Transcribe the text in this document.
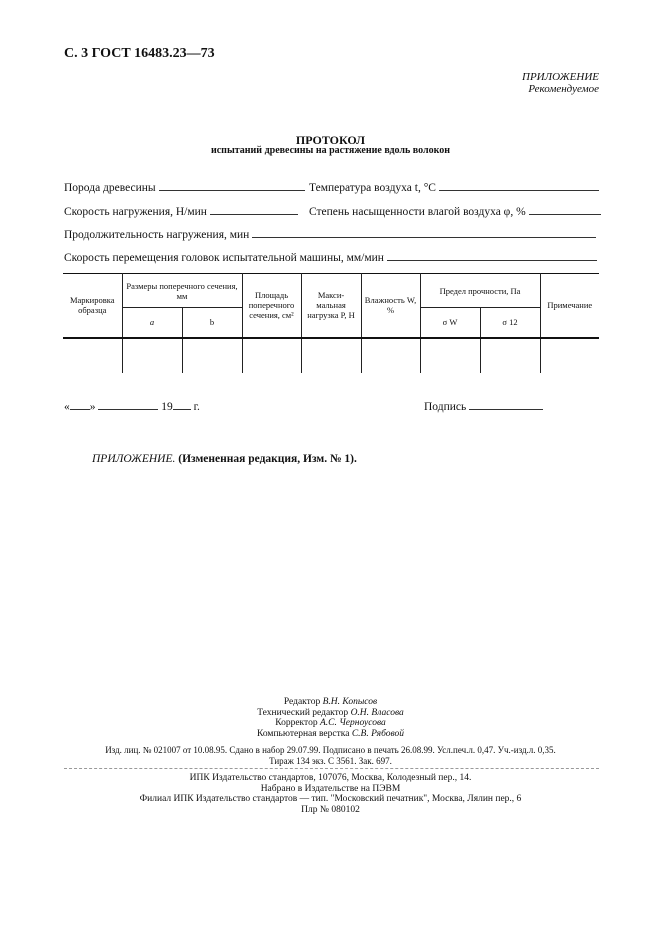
С. 3 ГОСТ 16483.23—73
ПРИЛОЖЕНИЕ
Рекомендуемое
ПРОТОКОЛ
испытаний древесины на растяжение вдоль волокон
Порода древесины	Температура воздуха t, °С
Скорость нагружения, Н/мин	Степень насыщенности влагой воздуха φ, %
Продолжительность нагружения, мин
Скорость перемещения головок испытательной машины, мм/мин
Маркировка образца	Размеры поперечного сечения, мм		Площадь поперечного сечения, см²	Макси- мальная нагрузка P, Н	Влажность W, %	Предел прочности, Па		Примечание
	a	b				σ W	σ 12	

« »	19 г.	Подпись
ПРИЛОЖЕНИЕ. (Измененная редакция, Изм. № 1).
Редактор В.Н. Копысов
Технический редактор О.Н. Власова
Корректор А.С. Черноусова
Компьютерная верстка С.В. Рябовой
Изд. лиц. № 021007 от 10.08.95. Сдано в набор 29.07.99. Подписано в печать 26.08.99. Усл.печ.л. 0,47. Уч.-изд.л. 0,35.
Тираж 134 экз. С 3561. Зак. 697.
ИПК Издательство стандартов, 107076, Москва, Колодезный пер., 14.
Набрано в Издательстве на ПЭВМ
Филиал ИПК Издательство стандартов — тип. "Московский печатник", Москва, Лялин пер., 6
Плр № 080102
